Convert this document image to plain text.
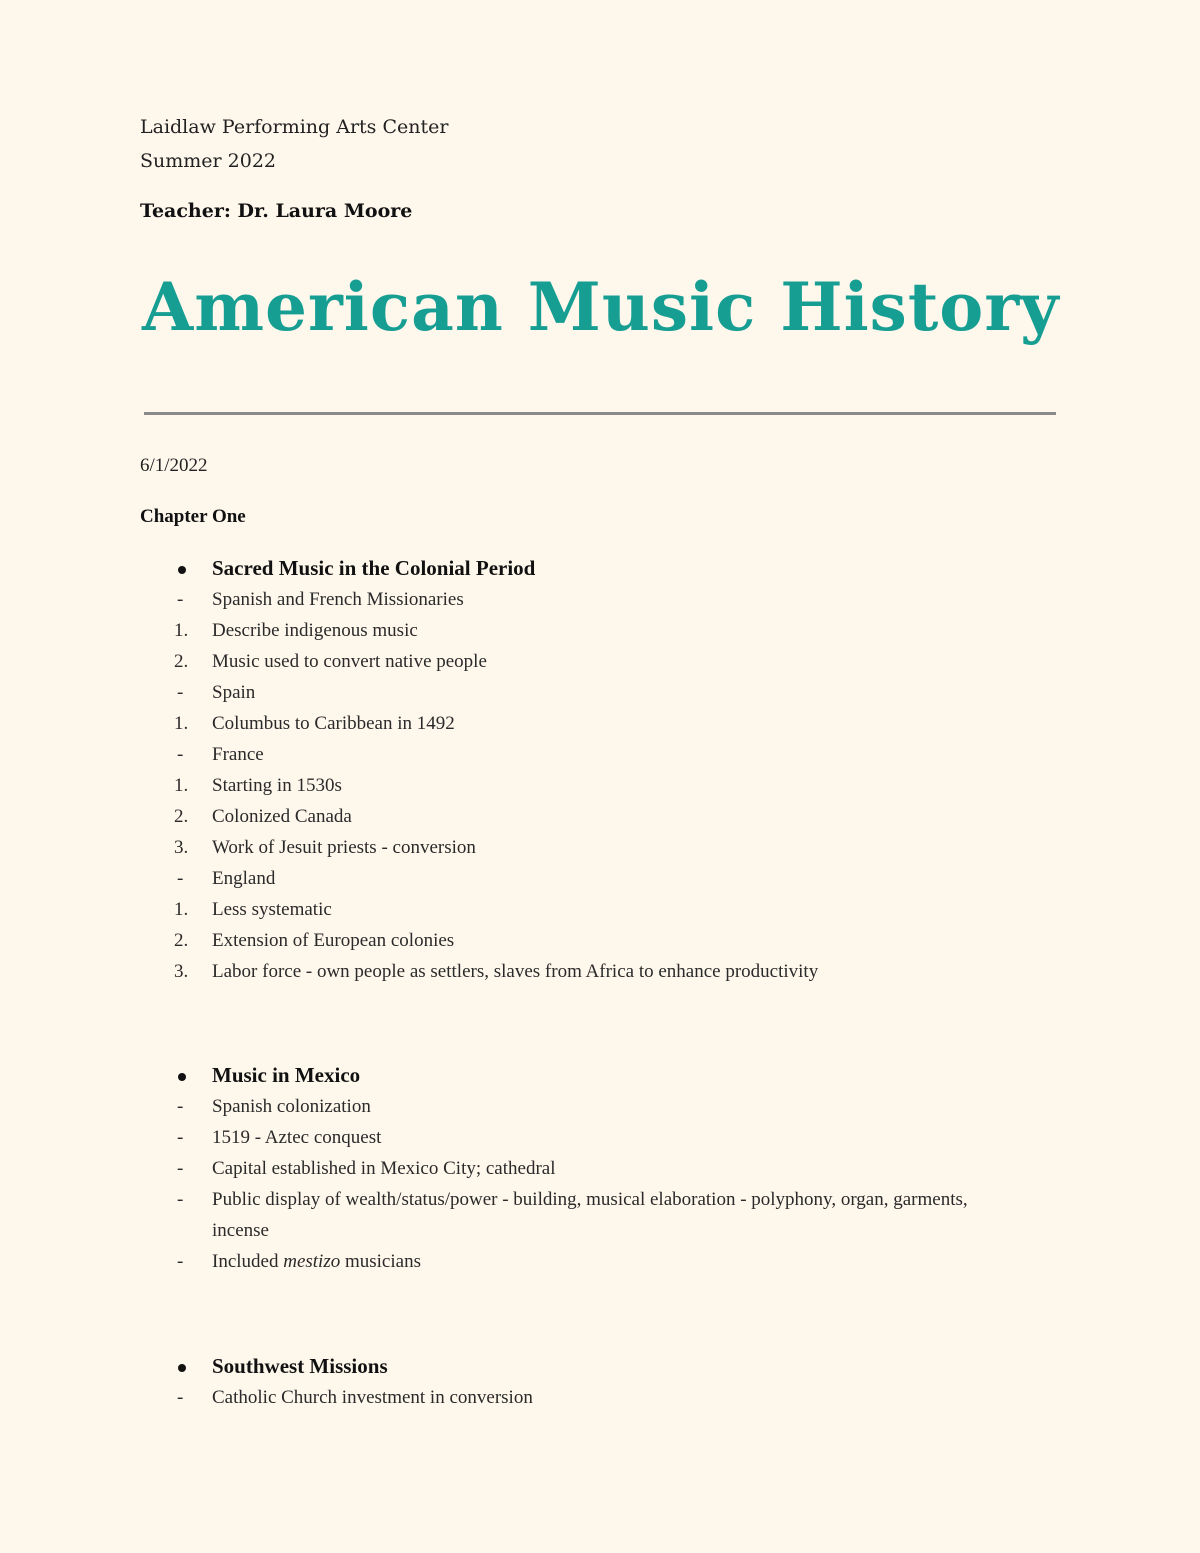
Laidlaw Performing Arts Center
Summer 2022
Teacher: Dr. Laura Moore
American Music History
6/1/2022
Chapter One
Sacred Music in the Colonial Period
-	Spanish and French Missionaries
1.	Describe indigenous music
2.	Music used to convert native people
-	Spain
1.	Columbus to Caribbean in 1492
-	France
1.	Starting in 1530s
2.	Colonized Canada
3.	Work of Jesuit priests - conversion
-	England
1.	Less systematic
2.	Extension of European colonies
3.	Labor force - own people as settlers, slaves from Africa to enhance productivity
Music in Mexico
-	Spanish colonization
-	1519 - Aztec conquest
-	Capital established in Mexico City; cathedral
-	Public display of wealth/status/power - building, musical elaboration - polyphony, organ, garments, incense
-	Included mestizo musicians
Southwest Missions
-	Catholic Church investment in conversion
